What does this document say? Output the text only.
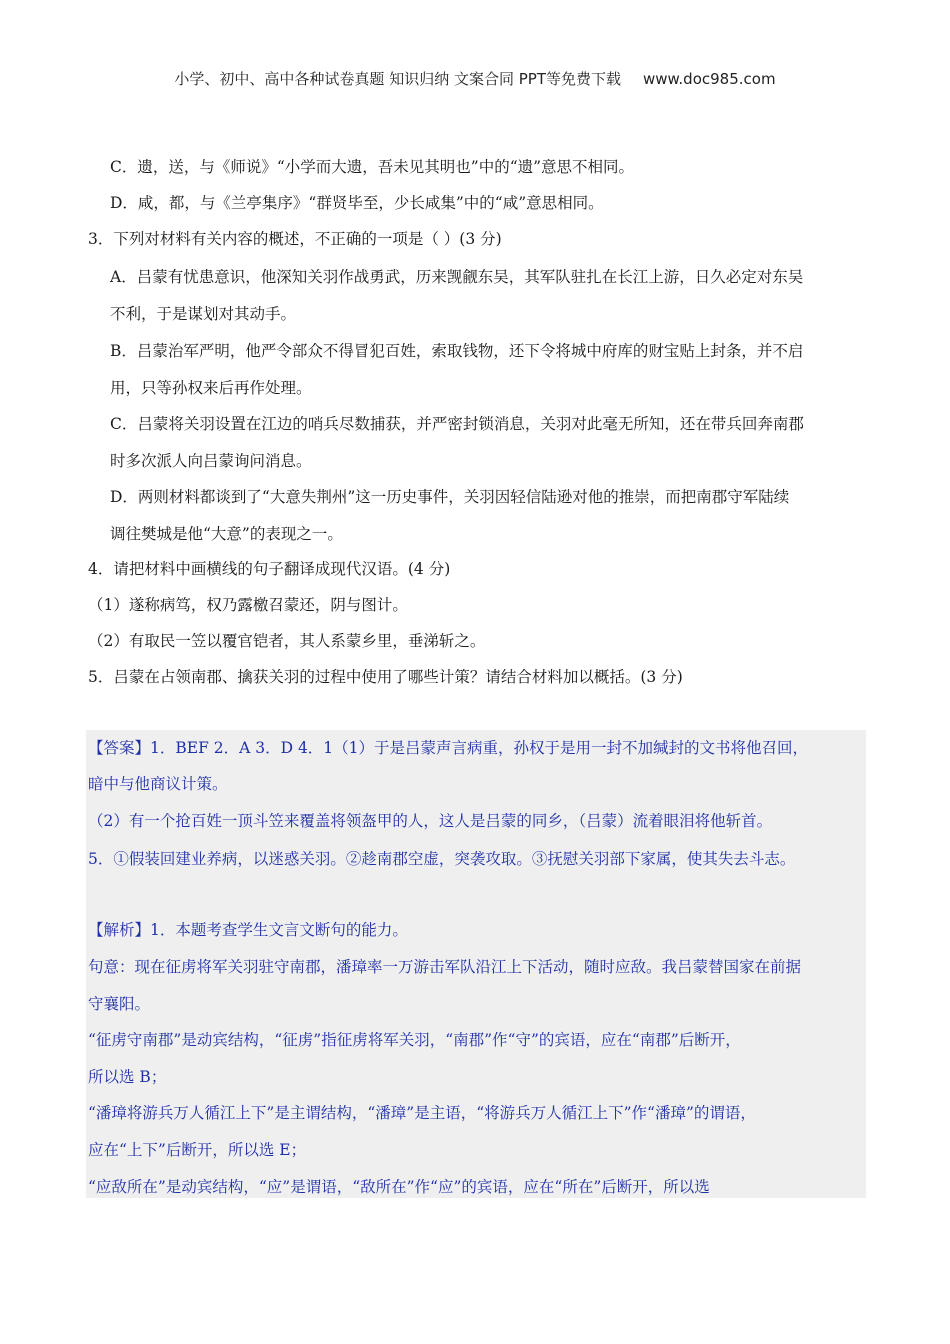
小学、初中、高中各种试卷真题 知识归纳 文案合同 PPT等免费下载 www.doc985.com
C．遗，送，与《师说》“小学而大遗，吾未见其明也”中的“遗”意思不相同。
D．咸，都，与《兰亭集序》“群贤毕至，少长咸集”中的“咸”意思相同。
3．下列对材料有关内容的概述，不正确的一项是（ ）(3 分)
A．吕蒙有忧患意识，他深知关羽作战勇武，历来觊觎东吴，其军队驻扎在长江上游，日久必定对东吴
不利，于是谋划对其动手。
B．吕蒙治军严明，他严令部众不得冒犯百姓，索取钱物，还下令将城中府库的财宝贴上封条，并不启
用，只等孙权来后再作处理。
C．吕蒙将关羽设置在江边的哨兵尽数捕获，并严密封锁消息，关羽对此毫无所知，还在带兵回奔南郡
时多次派人向吕蒙询问消息。
D．两则材料都谈到了“大意失荆州”这一历史事件，关羽因轻信陆逊对他的推崇，而把南郡守军陆续
调往樊城是他“大意”的表现之一。
4．请把材料中画横线的句子翻译成现代汉语。(4 分)
（1）遂称病笃，权乃露檄召蒙还，阴与图计。
（2）有取民一笠以覆官铠者，其人系蒙乡里，垂涕斩之。
5．吕蒙在占领南郡、擒获关羽的过程中使用了哪些计策？请结合材料加以概括。(3 分)
【答案】1．BEF 2．A 3．D 4．1（1）于是吕蒙声言病重，孙权于是用一封不加缄封的文书将他召回，
暗中与他商议计策。
（2）有一个抢百姓一顶斗笠来覆盖将领盔甲的人，这人是吕蒙的同乡，（吕蒙）流着眼泪将他斩首。
5．①假装回建业养病，以迷惑关羽。②趁南郡空虚，突袭攻取。③抚慰关羽部下家属，使其失去斗志。
【解析】1．本题考查学生文言文断句的能力。
句意：现在征虏将军关羽驻守南郡，潘璋率一万游击军队沿江上下活动，随时应敌。我吕蒙替国家在前据
守襄阳。
“征虏守南郡”是动宾结构，“征虏”指征虏将军关羽，“南郡”作“守”的宾语，应在“南郡”后断开，
所以选 B；
“潘璋将游兵万人循江上下”是主谓结构，“潘璋”是主语，“将游兵万人循江上下”作“潘璋”的谓语，
应在“上下”后断开，所以选 E；
“应敌所在”是动宾结构，“应”是谓语，“敌所在”作“应”的宾语，应在“所在”后断开，所以选
